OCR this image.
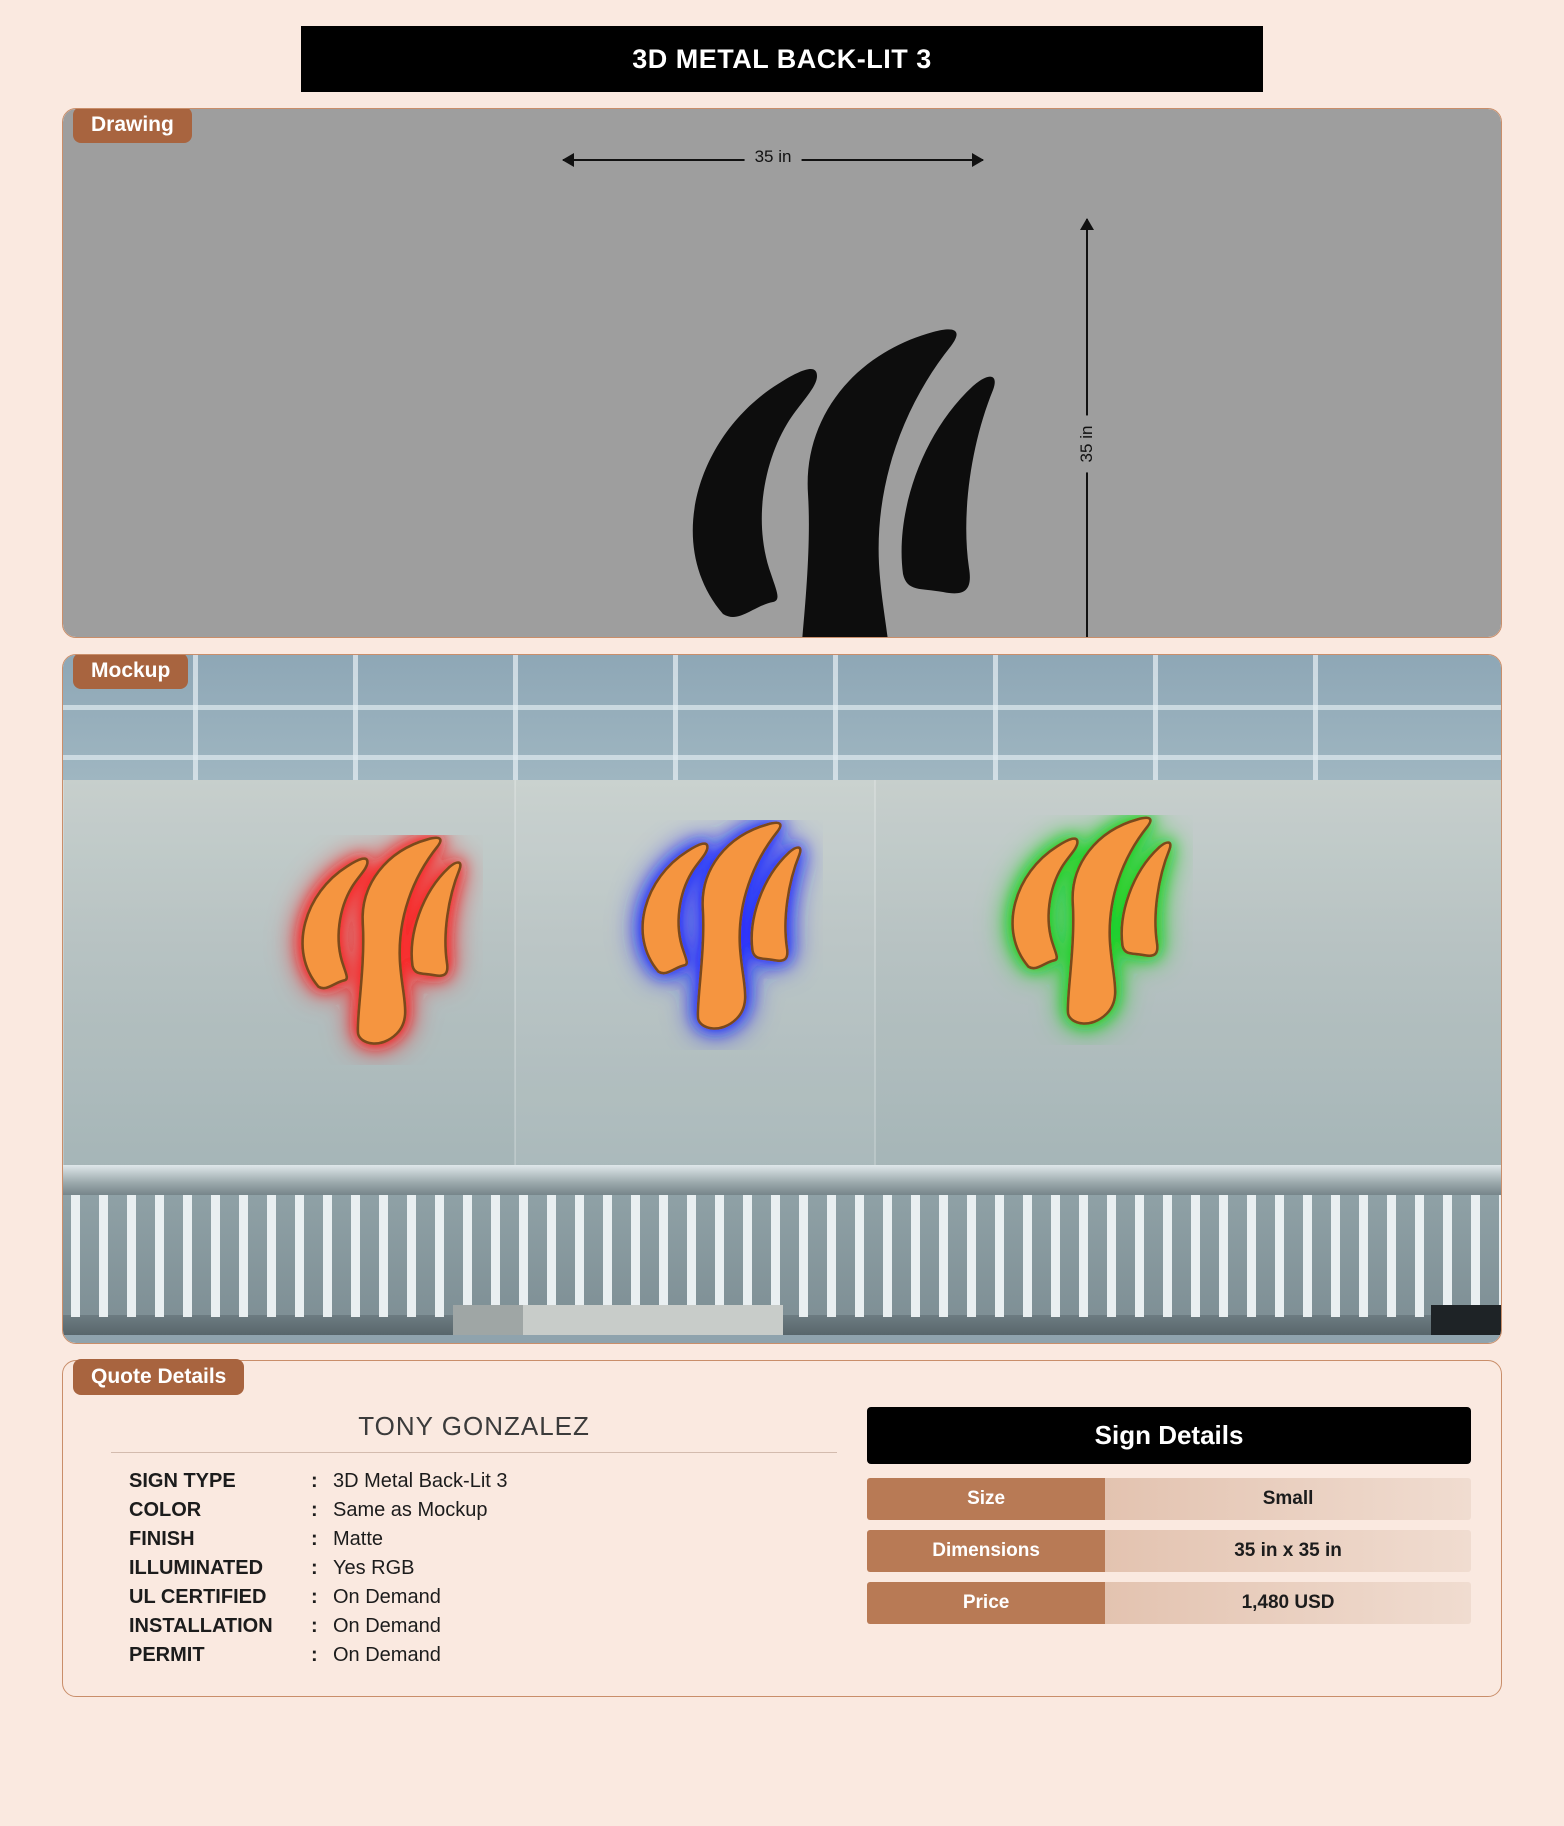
3D METAL BACK-LIT 3
35 in
35 in
Drawing
Mockup
Quote Details
TONY GONZALEZ
SIGN TYPE	:	3D Metal Back-Lit 3
COLOR	:	Same as Mockup
FINISH	:	Matte
ILLUMINATED	:	Yes RGB
UL CERTIFIED	:	On Demand
INSTALLATION	:	On Demand
PERMIT	:	On Demand
Sign Details
Size	Small
Dimensions	35 in x 35 in
Price	1,480 USD
